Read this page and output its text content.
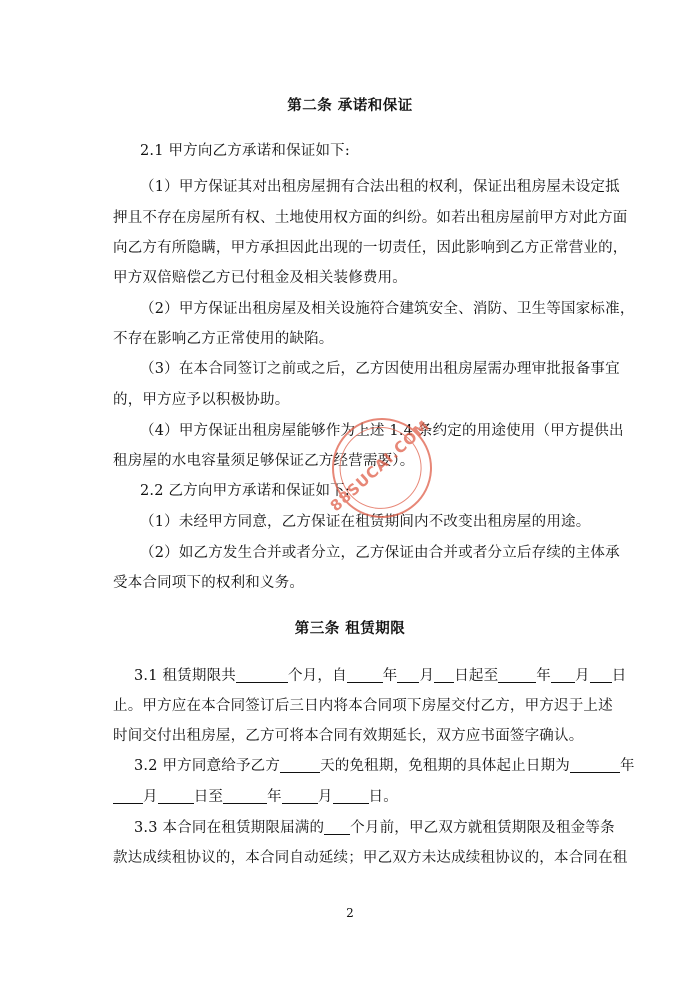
第二条 承诺和保证
2.1 甲方向乙方承诺和保证如下:
（1）甲方保证其对出租房屋拥有合法出租的权利，保证出租房屋未设定抵
押且不存在房屋所有权、土地使用权方面的纠纷。如若出租房屋前甲方对此方面
向乙方有所隐瞒，甲方承担因此出现的一切责任，因此影响到乙方正常营业的，
甲方双倍赔偿乙方已付租金及相关装修费用。
（2）甲方保证出租房屋及相关设施符合建筑安全、消防、卫生等国家标准，
不存在影响乙方正常使用的缺陷。
（3）在本合同签订之前或之后，乙方因使用出租房屋需办理审批报备事宜
的，甲方应予以积极协助。
（4）甲方保证出租房屋能够作为上述 1.4 条约定的用途使用（甲方提供出
租房屋的水电容量须足够保证乙方经营需要）。
2.2 乙方向甲方承诺和保证如下:
（1）未经甲方同意，乙方保证在租赁期间内不改变出租房屋的用途。
（2）如乙方发生合并或者分立，乙方保证由合并或者分立后存续的主体承
受本合同项下的权利和义务。
第三条 租赁期限
3.1 租赁期限共	个月，自 年 月 日起至	年 月 日
止。甲方应在本合同签订后三日内将本合同项下房屋交付乙方，甲方迟于上述
时间交付出租房屋，乙方可将本合同有效期延长，双方应书面签字确认。
3.2 甲方同意给予乙方	天的免租期，免租期的具体起止日期为	年
月 日至	年 月 日。
3.3 本合同在租赁期限届满的 个月前，甲乙双方就租赁期限及租金等条
款达成续租协议的，本合同自动延续；甲乙双方未达成续租协议的，本合同在租
2
88SUCAI.COM
